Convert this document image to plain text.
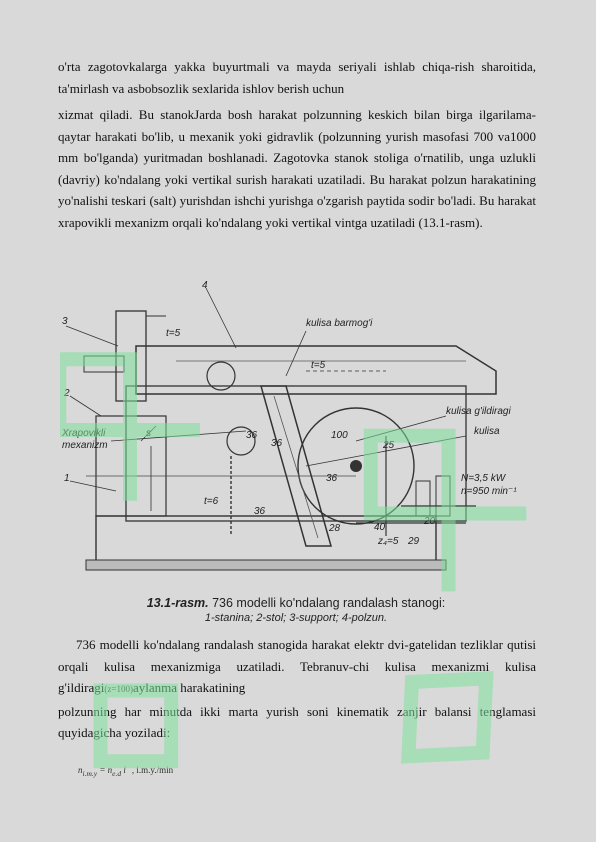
o'rta zagotovkalarga yakka buyurtmali va mayda seriyali ishlab chiqa-rish sharoitida, ta'mirlash va asbobsozlik sexlarida ishlov berish uchun

xizmat qiladi. Bu stanokJarda bosh harakat polzunning keskich bilan birga ilgarilama-qaytar harakati bo'lib, u mexanik yoki gidravlik (polzunning yurish masofasi 700 va1000 mm bo'lganda) yuritmadan boshlanadi. Zagotovka stanok stoliga o'rnatilib, unga uzlukli (davriy) ko'ndalang yoki vertikal surish harakati uzatiladi. Bu harakat polzun harakatining yo'nalishi teskari (salt) yurishdan ishchi yurishga o'zgarish paytida sodir bo'ladi. Bu harakat xrapovikli mexanizm orqali ko'ndalang yoki vertikal vintga uzatiladi (13.1-rasm).

3
4
2
1
Xrapovikli
mexanizm
kulisa barmog'i
kulisa g'ildiragi
kulisa
t=5
t=5
t=6
s	36
36
36
36
100
25
28	40
20
29
z₄=5
N=3,5 kW
n=950 min⁻¹
13.1-rasm. 736 modelli ko'ndalang randalash stanogi:
1-stanina; 2-stol; 3-support; 4-polzun.

736 modelli ko'ndalang randalash stanogida harakat elektr dvi-gatelidan tezliklar qutisi orqali kulisa mexanizmiga uzatiladi. Tebranuv-chi kulisa mexanizmi kulisa g'ildiragi(z=100)aylanma harakatining
polzunning har minutda ikki marta yurish soni kinematik zanjir balansi tenglamasi quyidagicha yoziladi:

$n_{i.m.y} = n_{e.d}$ i , i.m.y./min
